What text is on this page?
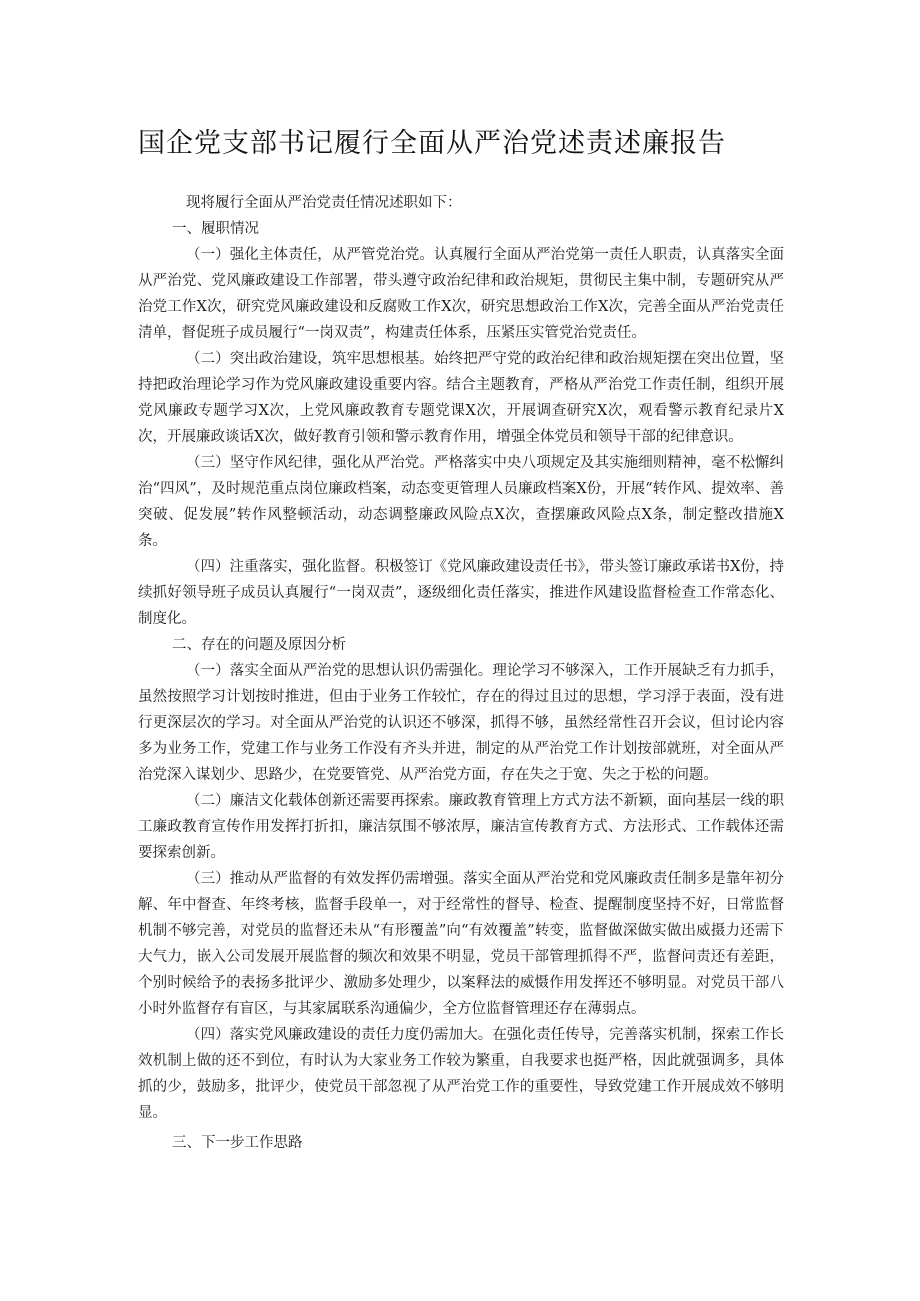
国企党支部书记履行全面从严治党述责述廉报告

现将履行全面从严治党责任情况述职如下：

一、履职情况

（一）强化主体责任，从严管党治党。认真履行全面从严治党第一责任人职责，认真落实全面从严治党、党风廉政建设工作部署，带头遵守政治纪律和政治规矩，贯彻民主集中制，专题研究从严治党工作X次，研究党风廉政建设和反腐败工作X次，研究思想政治工作X次，完善全面从严治党责任清单，督促班子成员履行“一岗双责”，构建责任体系，压紧压实管党治党责任。

（二）突出政治建设，筑牢思想根基。始终把严守党的政治纪律和政治规矩摆在突出位置，坚持把政治理论学习作为党风廉政建设重要内容。结合主题教育，严格从严治党工作责任制，组织开展党风廉政专题学习X次，上党风廉政教育专题党课X次，开展调查研究X次，观看警示教育纪录片X次，开展廉政谈话X次，做好教育引领和警示教育作用，增强全体党员和领导干部的纪律意识。

（三）坚守作风纪律，强化从严治党。严格落实中央八项规定及其实施细则精神，毫不松懈纠治“四风”，及时规范重点岗位廉政档案，动态变更管理人员廉政档案X份，开展“转作风、提效率、善突破、促发展”转作风整顿活动，动态调整廉政风险点X次，查摆廉政风险点X条，制定整改措施X条。

（四）注重落实，强化监督。积极签订《党风廉政建设责任书》，带头签订廉政承诺书X份，持续抓好领导班子成员认真履行“一岗双责”，逐级细化责任落实，推进作风建设监督检查工作常态化、制度化。

二、存在的问题及原因分析

（一）落实全面从严治党的思想认识仍需强化。理论学习不够深入，工作开展缺乏有力抓手，虽然按照学习计划按时推进，但由于业务工作较忙，存在的得过且过的思想，学习浮于表面，没有进行更深层次的学习。对全面从严治党的认识还不够深，抓得不够，虽然经常性召开会议，但讨论内容多为业务工作，党建工作与业务工作没有齐头并进，制定的从严治党工作计划按部就班，对全面从严治党深入谋划少、思路少，在党要管党、从严治党方面，存在失之于宽、失之于松的问题。

（二）廉洁文化载体创新还需要再探索。廉政教育管理上方式方法不新颖，面向基层一线的职工廉政教育宣传作用发挥打折扣，廉洁氛围不够浓厚，廉洁宣传教育方式、方法形式、工作载体还需要探索创新。

（三）推动从严监督的有效发挥仍需增强。落实全面从严治党和党风廉政责任制多是靠年初分解、年中督查、年终考核，监督手段单一，对于经常性的督导、检查、提醒制度坚持不好，日常监督机制不够完善，对党员的监督还未从“有形覆盖”向“有效覆盖”转变，监督做深做实做出威摄力还需下大气力，嵌入公司发展开展监督的频次和效果不明显，党员干部管理抓得不严，监督问责还有差距，个别时候给予的表扬多批评少、激励多处理少，以案释法的威慑作用发挥还不够明显。对党员干部八小时外监督存有盲区，与其家属联系沟通偏少，全方位监督管理还存在薄弱点。

（四）落实党风廉政建设的责任力度仍需加大。在强化责任传导，完善落实机制，探索工作长效机制上做的还不到位，有时认为大家业务工作较为繁重，自我要求也挺严格，因此就强调多，具体抓的少，鼓励多，批评少，使党员干部忽视了从严治党工作的重要性，导致党建工作开展成效不够明显。

三、下一步工作思路
